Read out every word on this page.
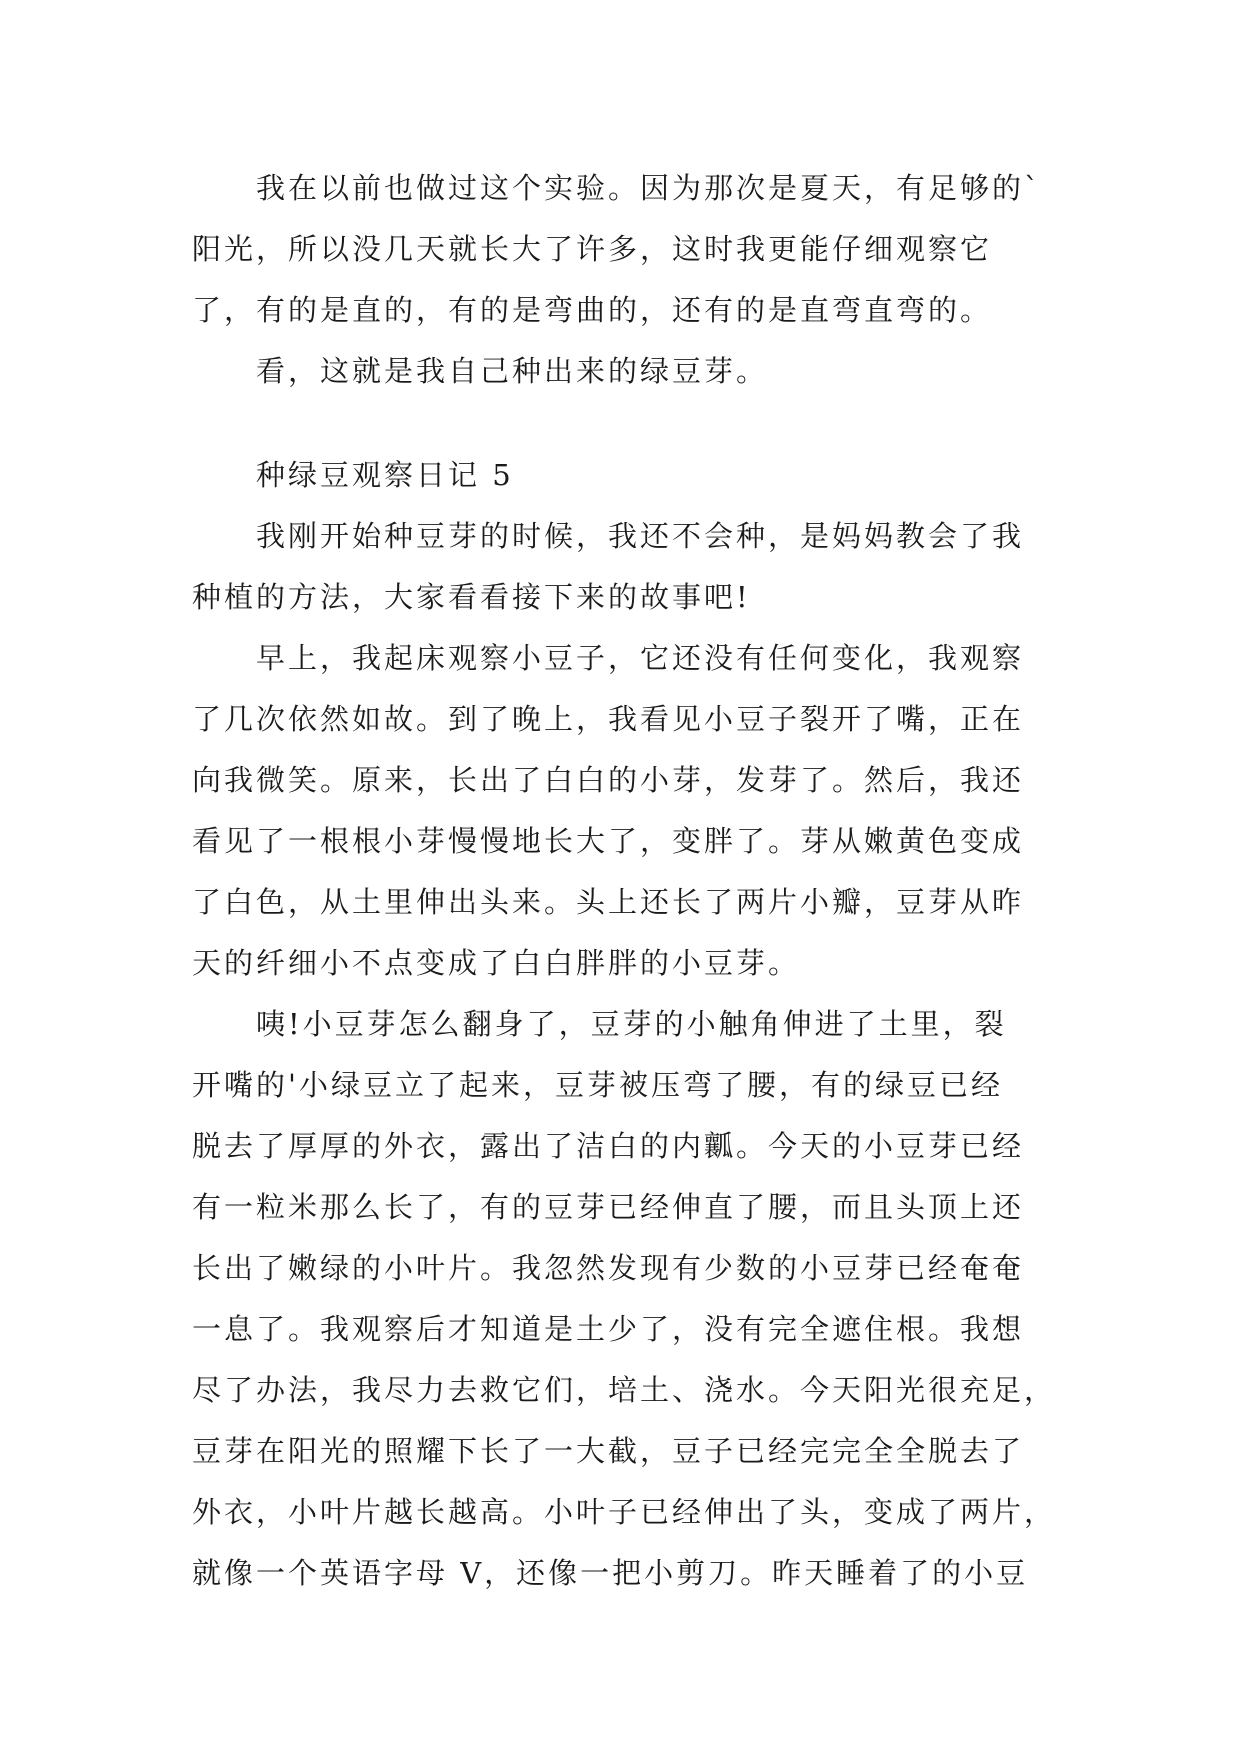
我在以前也做过这个实验。因为那次是夏天，有足够的`
阳光，所以没几天就长大了许多，这时我更能仔细观察它
了，有的是直的，有的是弯曲的，还有的是直弯直弯的。
看，这就是我自己种出来的绿豆芽。
种绿豆观察日记 5
我刚开始种豆芽的时候，我还不会种，是妈妈教会了我
种植的方法，大家看看接下来的故事吧!
早上，我起床观察小豆子，它还没有任何变化，我观察
了几次依然如故。到了晚上，我看见小豆子裂开了嘴，正在
向我微笑。原来，长出了白白的小芽，发芽了。然后，我还
看见了一根根小芽慢慢地长大了，变胖了。芽从嫩黄色变成
了白色，从土里伸出头来。头上还长了两片小瓣，豆芽从昨
天的纤细小不点变成了白白胖胖的小豆芽。
咦!小豆芽怎么翻身了，豆芽的小触角伸进了土里，裂
开嘴的'小绿豆立了起来，豆芽被压弯了腰，有的绿豆已经
脱去了厚厚的外衣，露出了洁白的内瓤。今天的小豆芽已经
有一粒米那么长了，有的豆芽已经伸直了腰，而且头顶上还
长出了嫩绿的小叶片。我忽然发现有少数的小豆芽已经奄奄
一息了。我观察后才知道是土少了，没有完全遮住根。我想
尽了办法，我尽力去救它们，培土、浇水。今天阳光很充足，
豆芽在阳光的照耀下长了一大截，豆子已经完完全全脱去了
外衣，小叶片越长越高。小叶子已经伸出了头，变成了两片，
就像一个英语字母 V，还像一把小剪刀。昨天睡着了的小豆
